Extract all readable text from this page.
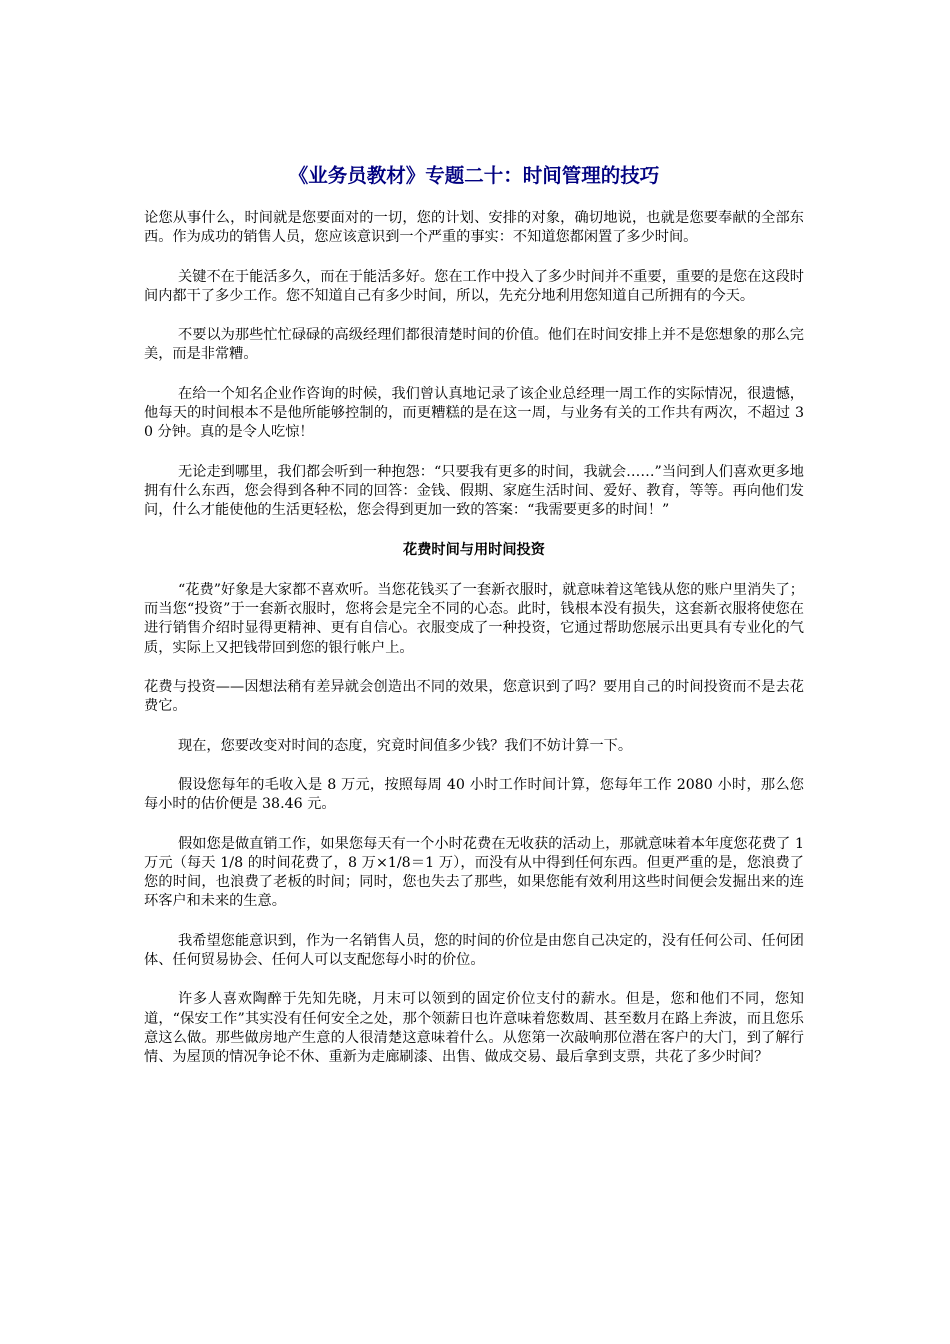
《业务员教材》专题二十：时间管理的技巧

论您从事什么，时间就是您要面对的一切，您的计划、安排的对象，确切地说，也就是您要奉献的全部东西。作为成功的销售人员，您应该意识到一个严重的事实：不知道您都闲置了多少时间。

关键不在于能活多久，而在于能活多好。您在工作中投入了多少时间并不重要，重要的是您在这段时间内都干了多少工作。您不知道自己有多少时间，所以，先充分地利用您知道自己所拥有的今天。

不要以为那些忙忙碌碌的高级经理们都很清楚时间的价值。他们在时间安排上并不是您想象的那么完美，而是非常糟。

在给一个知名企业作咨询的时候，我们曾认真地记录了该企业总经理一周工作的实际情况，很遗憾，他每天的时间根本不是他所能够控制的，而更糟糕的是在这一周，与业务有关的工作共有两次，不超过 30 分钟。真的是令人吃惊！

无论走到哪里，我们都会听到一种抱怨：“只要我有更多的时间，我就会……”当问到人们喜欢更多地拥有什么东西，您会得到各种不同的回答：金钱、假期、家庭生活时间、爱好、教育，等等。再向他们发问，什么才能使他的生活更轻松，您会得到更加一致的答案：“我需要更多的时间！”

花费时间与用时间投资

“花费”好象是大家都不喜欢听。当您花钱买了一套新衣服时，就意味着这笔钱从您的账户里消失了；而当您“投资”于一套新衣服时，您将会是完全不同的心态。此时，钱根本没有损失，这套新衣服将使您在进行销售介绍时显得更精神、更有自信心。衣服变成了一种投资，它通过帮助您展示出更具有专业化的气质，实际上又把钱带回到您的银行帐户上。

花费与投资——因想法稍有差异就会创造出不同的效果，您意识到了吗？要用自己的时间投资而不是去花费它。

现在，您要改变对时间的态度，究竟时间值多少钱？我们不妨计算一下。

假设您每年的毛收入是 8 万元，按照每周 40 小时工作时间计算，您每年工作 2080 小时，那么您每小时的估价便是 38.46 元。

假如您是做直销工作，如果您每天有一个小时花费在无收获的活动上，那就意味着本年度您花费了 1 万元（每天 1/8 的时间花费了，8 万×1/8＝1 万），而没有从中得到任何东西。但更严重的是，您浪费了您的时间，也浪费了老板的时间；同时，您也失去了那些，如果您能有效利用这些时间便会发掘出来的连环客户和未来的生意。

我希望您能意识到，作为一名销售人员，您的时间的价位是由您自己决定的，没有任何公司、任何团体、任何贸易协会、任何人可以支配您每小时的价位。

许多人喜欢陶醉于先知先晓，月末可以领到的固定价位支付的薪水。但是，您和他们不同，您知道，“保安工作”其实没有任何安全之处，那个领薪日也许意味着您数周、甚至数月在路上奔波，而且您乐意这么做。那些做房地产生意的人很清楚这意味着什么。从您第一次敲响那位潜在客户的大门，到了解行情、为屋顶的情况争论不休、重新为走廊刷漆、出售、做成交易、最后拿到支票，共花了多少时间？
